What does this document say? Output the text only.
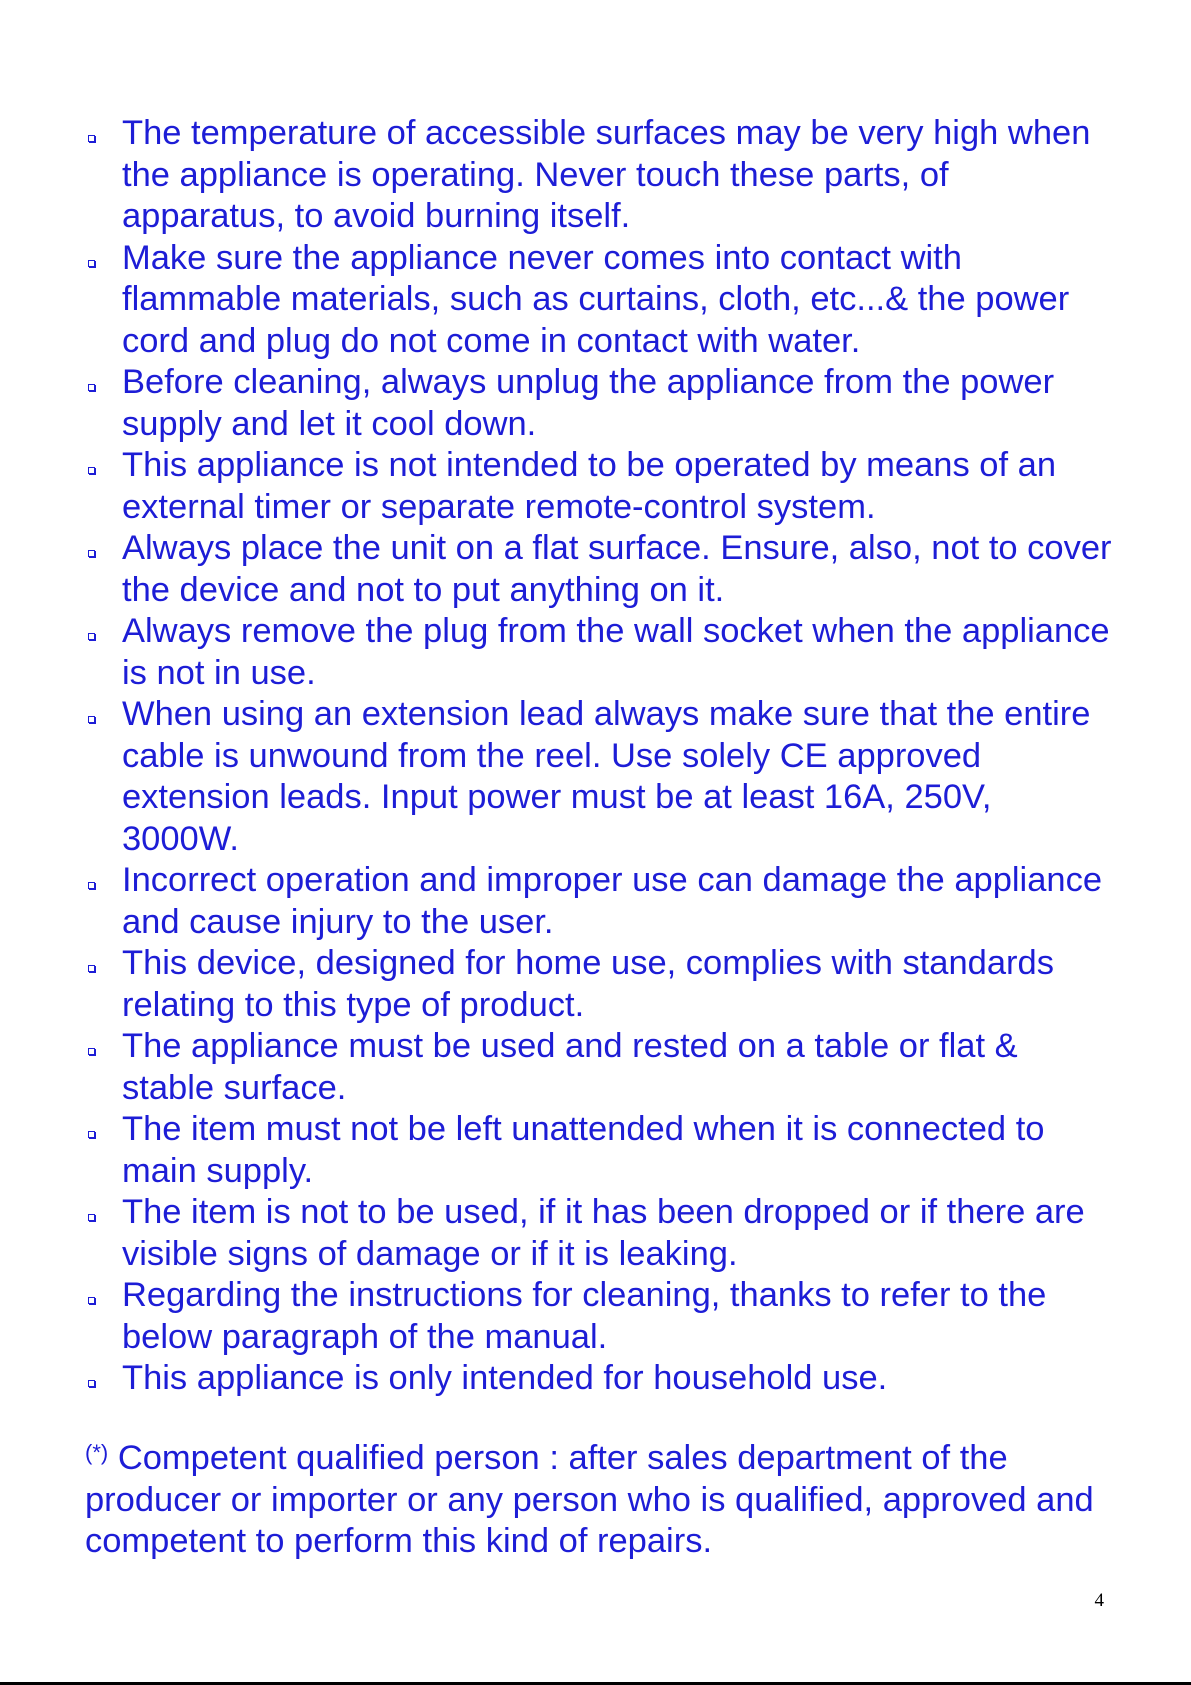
The temperature of accessible surfaces may be very high when the appliance is operating. Never touch these parts, of apparatus, to avoid burning itself.
Make sure the appliance never comes into contact with flammable materials, such as curtains, cloth, etc...& the power cord and plug do not come in contact with water.
Before cleaning, always unplug the appliance from the power supply and let it cool down.
This appliance is not intended to be operated by means of an external timer or separate remote-control system.
Always place the unit on a flat surface. Ensure, also, not to cover the device and not to put anything on it.
Always remove the plug from the wall socket when the appliance is not in use.
When using an extension lead always make sure that the entire cable is unwound from the reel. Use solely CE approved extension leads. Input power must be at least 16A, 250V, 3000W.
Incorrect operation and improper use can damage the appliance and cause injury to the user.
This device, designed for home use, complies with standards relating to this type of product.
The appliance must be used and rested on a table or flat & stable surface.
The item must not be left unattended when it is connected to main supply.
The item is not to be used, if it has been dropped or if there are visible signs of damage or if it is leaking.
Regarding the instructions for cleaning, thanks to refer to the below paragraph of the manual.
This appliance is only intended for household use.

(*) Competent qualified person : after sales department of the producer or importer or any person who is qualified, approved and competent to perform this kind of repairs.

4
